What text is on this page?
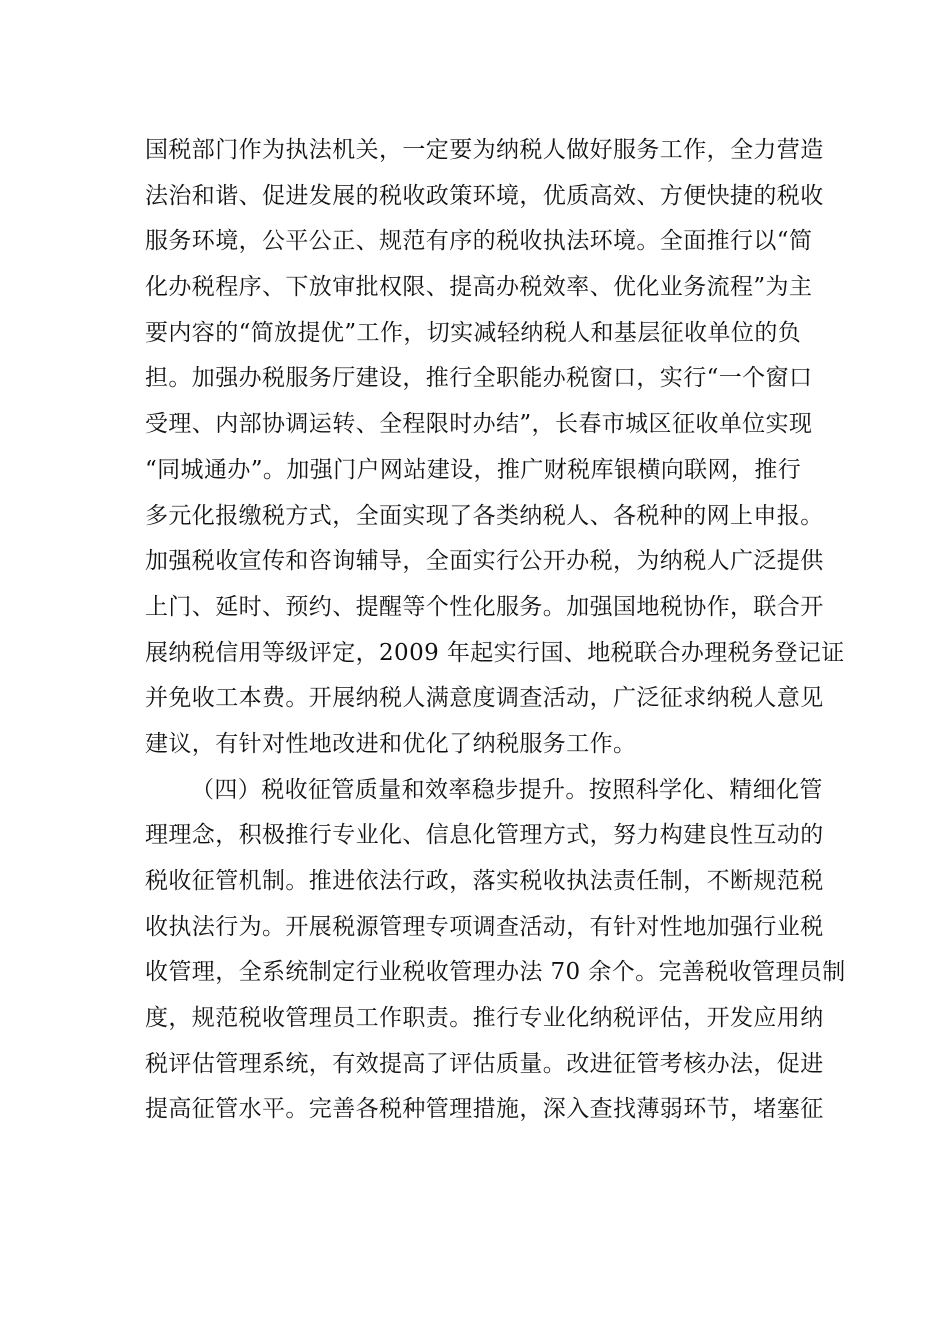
国税部门作为执法机关，一定要为纳税人做好服务工作，全力营造
法治和谐、促进发展的税收政策环境，优质高效、方便快捷的税收
服务环境，公平公正、规范有序的税收执法环境。全面推行以“简
化办税程序、下放审批权限、提高办税效率、优化业务流程”为主
要内容的“简放提优”工作，切实减轻纳税人和基层征收单位的负
担。加强办税服务厅建设，推行全职能办税窗口，实行“一个窗口
受理、内部协调运转、全程限时办结”，长春市城区征收单位实现
“同城通办”。加强门户网站建设，推广财税库银横向联网，推行
多元化报缴税方式，全面实现了各类纳税人、各税种的网上申报。
加强税收宣传和咨询辅导，全面实行公开办税，为纳税人广泛提供
上门、延时、预约、提醒等个性化服务。加强国地税协作，联合开
展纳税信用等级评定，2009 年起实行国、地税联合办理税务登记证
并免收工本费。开展纳税人满意度调查活动，广泛征求纳税人意见
建议，有针对性地改进和优化了纳税服务工作。
（四）税收征管质量和效率稳步提升。按照科学化、精细化管
理理念，积极推行专业化、信息化管理方式，努力构建良性互动的
税收征管机制。推进依法行政，落实税收执法责任制，不断规范税
收执法行为。开展税源管理专项调查活动，有针对性地加强行业税
收管理，全系统制定行业税收管理办法 70 余个。完善税收管理员制
度，规范税收管理员工作职责。推行专业化纳税评估，开发应用纳
税评估管理系统，有效提高了评估质量。改进征管考核办法，促进
提高征管水平。完善各税种管理措施，深入查找薄弱环节，堵塞征
